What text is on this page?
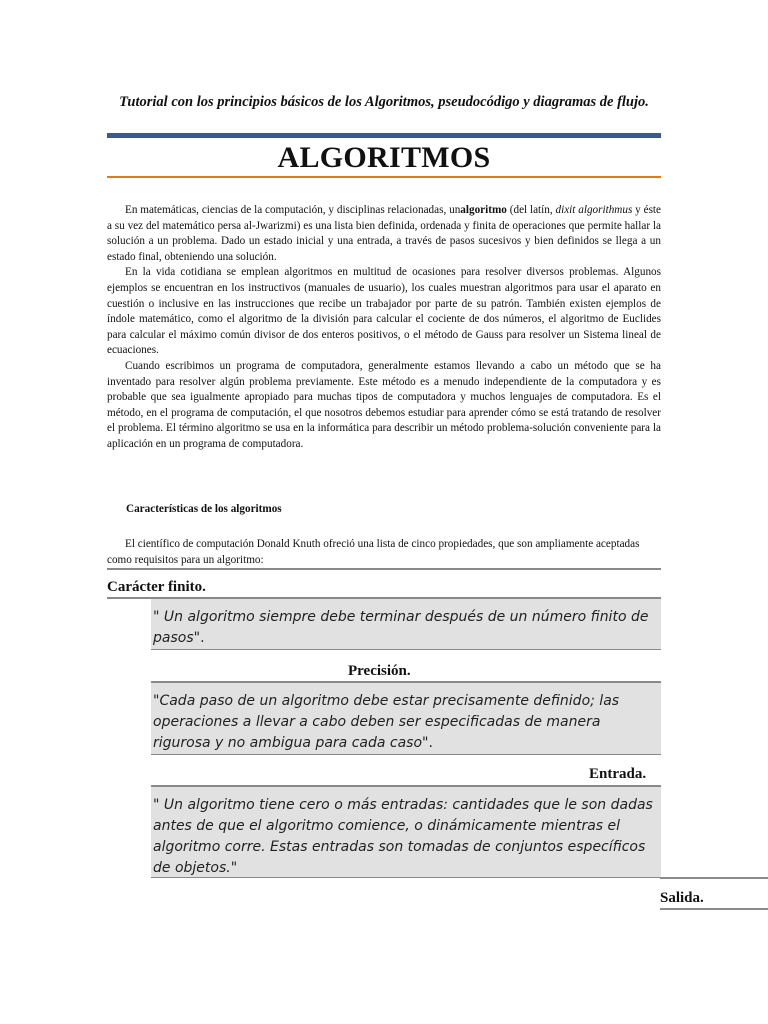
Tutorial con los principios básicos de los Algoritmos, pseudocódigo y diagramas de flujo.
ALGORITMOS

En matemáticas, ciencias de la computación, y disciplinas relacionadas, unalgoritmo (del latín, dixit algorithmus y éste a su vez del matemático persa al-Jwarizmi) es una lista bien definida, ordenada y finita de operaciones que permite hallar la solución a un problema. Dado un estado inicial y una entrada, a través de pasos sucesivos y bien definidos se llega a un estado final, obteniendo una solución.

En la vida cotidiana se emplean algoritmos en multitud de ocasiones para resolver diversos problemas. Algunos ejemplos se encuentran en los instructivos (manuales de usuario), los cuales muestran algoritmos para usar el aparato en cuestión o inclusive en las instrucciones que recibe un trabajador por parte de su patrón. También existen ejemplos de índole matemático, como el algoritmo de la división para calcular el cociente de dos números, el algoritmo de Euclides para calcular el máximo común divisor de dos enteros positivos, o el método de Gauss para resolver un Sistema lineal de ecuaciones.

Cuando escribimos un programa de computadora, generalmente estamos llevando a cabo un método que se ha inventado para resolver algún problema previamente. Este método es a menudo independiente de la computadora y es probable que sea igualmente apropiado para muchas tipos de computadora y muchos lenguajes de computadora. Es el método, en el programa de computación, el que nosotros debemos estudiar para aprender cómo se está tratando de resolver el problema. El término algoritmo se usa en la informática para describir un método problema-solución conveniente para la aplicación en un programa de computadora.

Características de los algoritmos

El científico de computación Donald Knuth ofreció una lista de cinco propiedades, que son ampliamente aceptadas como requisitos para un algoritmo:

Carácter finito.
" Un algoritmo siempre debe terminar después de un número finito de pasos".
Precisión.
"Cada paso de un algoritmo debe estar precisamente definido; las operaciones a llevar a cabo deben ser especificadas de manera rigurosa y no ambigua para cada caso".
Entrada.
" Un algoritmo tiene cero o más entradas: cantidades que le son dadas antes de que el algoritmo comience, o dinámicamente mientras el algoritmo corre. Estas entradas son tomadas de conjuntos específicos de objetos."
Salida.
